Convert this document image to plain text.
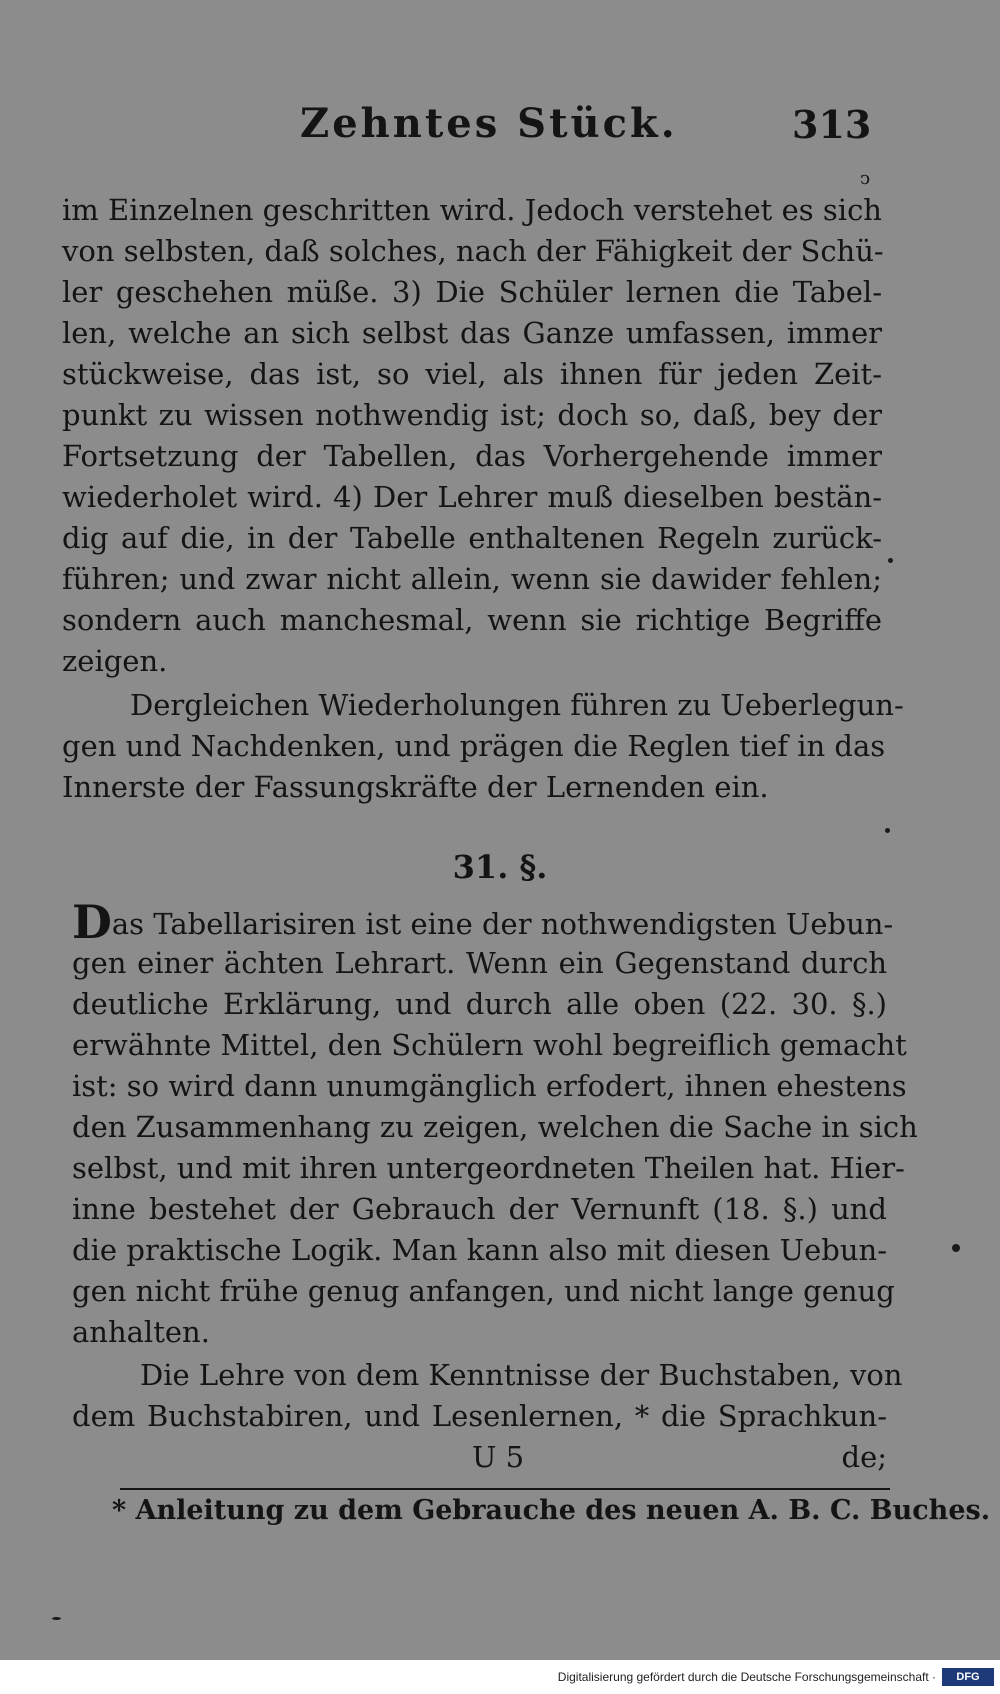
Zehntes Stück.	313
ↄ
im Einzelnen geschritten wird. Jedoch verstehet es sich
von selbsten, daß solches, nach der Fähigkeit der Schü-
ler geschehen müße. 3) Die Schüler lernen die Tabel-
len, welche an sich selbst das Ganze umfassen, immer
stückweise, das ist, so viel, als ihnen für jeden Zeit-
punkt zu wissen nothwendig ist; doch so, daß, bey der
Fortsetzung der Tabellen, das Vorhergehende immer
wiederholet wird. 4) Der Lehrer muß dieselben bestän-
dig auf die, in der Tabelle enthaltenen Regeln zurück-
führen; und zwar nicht allein, wenn sie dawider fehlen;
sondern auch manchesmal, wenn sie richtige Begriffe
zeigen.
Dergleichen Wiederholungen führen zu Ueberlegun-
gen und Nachdenken, und prägen die Reglen tief in das
Innerste der Fassungskräfte der Lernenden ein.
31. §.
Das Tabellarisiren ist eine der nothwendigsten Uebun-
gen einer ächten Lehrart. Wenn ein Gegenstand durch
deutliche Erklärung, und durch alle oben (22. 30. §.)
erwähnte Mittel, den Schülern wohl begreiflich gemacht
ist: so wird dann unumgänglich erfodert, ihnen ehestens
den Zusammenhang zu zeigen, welchen die Sache in sich
selbst, und mit ihren untergeordneten Theilen hat. Hier-
inne bestehet der Gebrauch der Vernunft (18. §.) und
die praktische Logik. Man kann also mit diesen Uebun-
gen nicht frühe genug anfangen, und nicht lange genug
anhalten.
Die Lehre von dem Kenntnisse der Buchstaben, von
dem Buchstabiren, und Lesenlernen, * die Sprachkun-
U 5	de;
* Anleitung zu dem Gebrauche des neuen A. B. C. Buches.
Digitalisierung gefördert durch die Deutsche Forschungsgemeinschaft ·	DFG
